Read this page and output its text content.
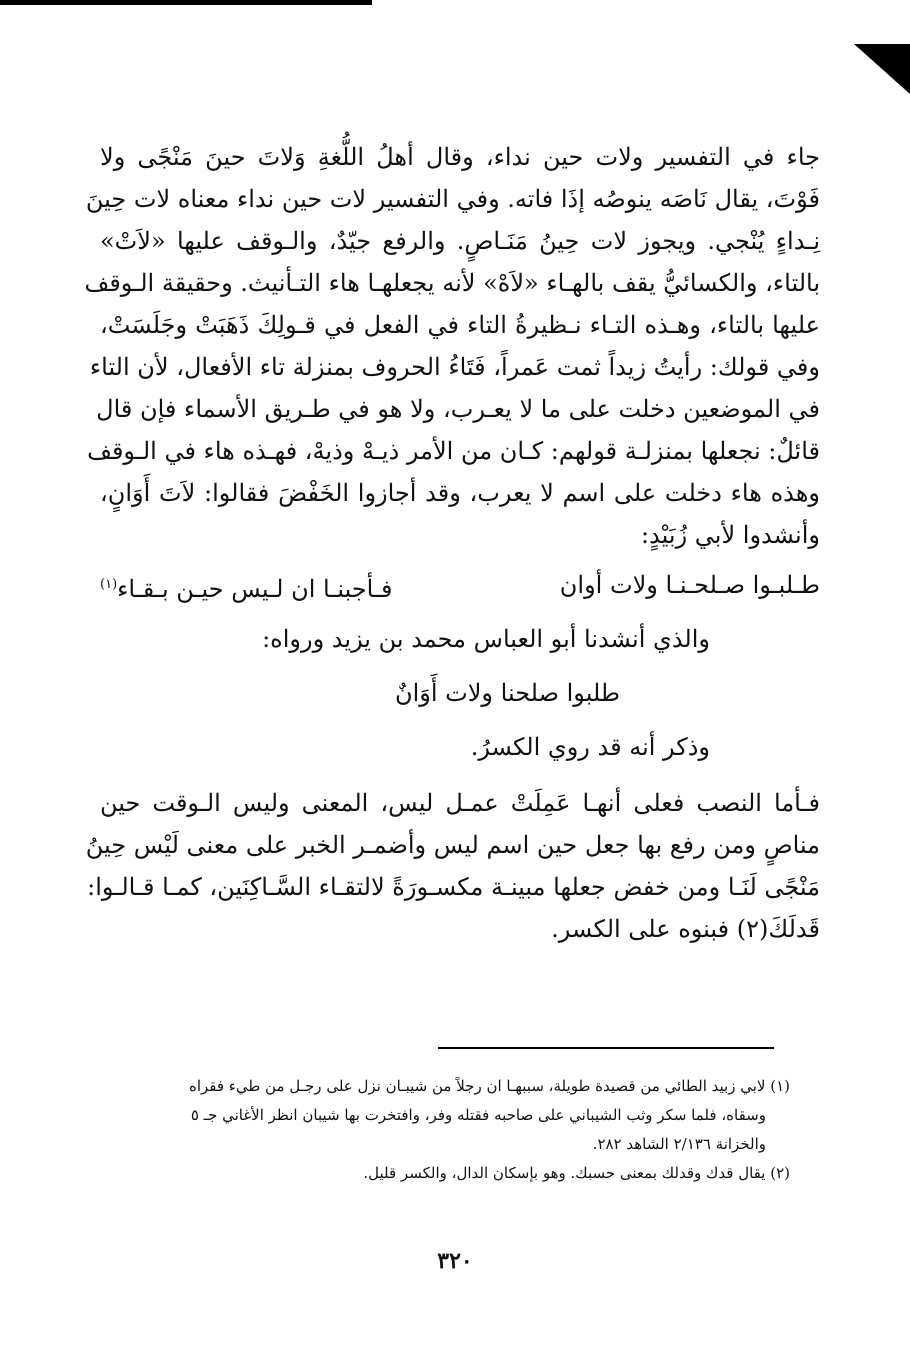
جاء في التفسير ولات حين نداء، وقال أهلُ اللُّغةِ وَلاتَ حينَ مَنْجًى ولا
فَوْتَ، يقال نَاصَه ينوصُه إذَا فاته. وفي التفسير لات حين نداء معناه لات حِينَ
نِـداءٍ يُنْجي. ويجوز لات حِينُ مَنَـاصٍ. والرفع جيّدٌ، والـوقف عليها «لاَتْ»
بالتاء، والكسائيُّ يقف بالهـاء «لاَهْ» لأنه يجعلهـا هاء التـأنيث. وحقيقة الـوقف
عليها بالتاء، وهـذه التـاء نـظيرةُ التاء في الفعل في قـولِكَ ذَهَبَتْ وجَلَسَتْ،
وفي قولك: رأيتُ زيداً ثمت عَمراً، فَتَاءُ الحروف بمنزلة تاء الأفعال، لأن التاء
في الموضعين دخلت على ما لا يعـرب، ولا هو في طـريق الأسماء فإن قال
قائلٌ: نجعلها بمنزلـة قولهم: كـان من الأمر ذيـهْ وذيهْ، فهـذه هاء في الـوقف
وهذه هاء دخلت على اسم لا يعرب، وقد أجازوا الخَفْضَ فقالوا: لاَتَ أَوَانٍ،
وأنشدوا لأبي زُبَيْدٍ:
طـلبـوا صـلحـنـا ولات أوان
فـأجبنـا ان لـيس حيـن بـقـاء$^{(١)}$
والذي أنشدنا أبو العباس محمد بن يزيد ورواه:
طلبوا صلحنا ولات أَوَانٌ
وذكر أنه قد روي الكسرُ.
فـأما النصب فعلى أنهـا عَمِلَتْ عمـل ليس، المعنى وليس الـوقت حين
مناصٍ ومن رفع بها جعل حين اسم ليس وأضمـر الخبر على معنى لَيْس حِينُ
مَنْجًى لَنَـا ومن خفض جعلها مبينـة مكسـورَةً لالتقـاء السَّـاكِنَين، كمـا قـالـوا:
قَدلَكَ(٢) فبنوه على الكسر.
(١) لابي زبيد الطائي من قصيدة طويلة، سببهـا ان رجلاً من شيبـان نزل على رجـل من طيء فقراه
وسقاه، فلما سكر وثب الشيباني على صاحبه فقتله وفر، وافتخرت بها شيبان انظر الأغاني جـ ٥
والخزانة ٢/١٣٦ الشاهد ٢٨٢.
(٢) يقال قدك وقدلك بمعنى حسبك. وهو بإسكان الدال، والكسر قليل.
٣٢٠
